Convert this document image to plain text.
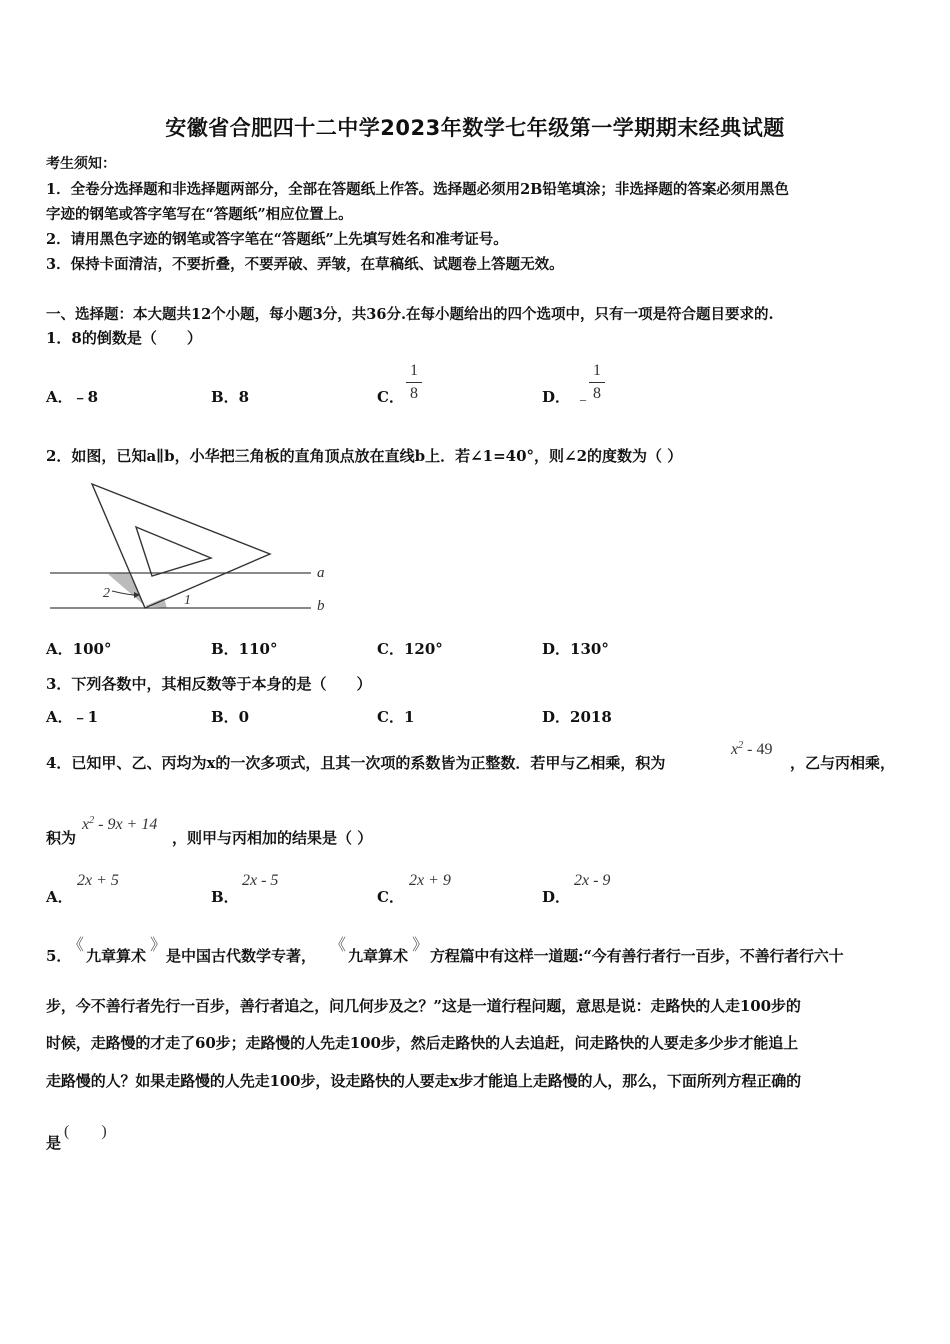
安徽省合肥四十二中学2023年数学七年级第一学期期末经典试题
考生须知：
1．全卷分选择题和非选择题两部分，全部在答题纸上作答。选择题必须用2B铅笔填涂；非选择题的答案必须用黑色
字迹的钢笔或答字笔写在“答题纸”相应位置上。
2．请用黑色字迹的钢笔或答字笔在“答题纸”上先填写姓名和准考证号。
3．保持卡面清洁，不要折叠，不要弄破、弄皱，在草稿纸、试题卷上答题无效。
一、选择题：本大题共12个小题，每小题3分，共36分.在每小题给出的四个选项中，只有一项是符合题目要求的.
1．8的倒数是（　　）
A．﹣8	B．8	C．
1
8	D． ﹣
1
8
2．如图，已知a∥b，小华把三角板的直角顶点放在直线b上．若∠1=40°，则∠2的度数为（ ）
2	1
a
b
A．100°	B．110°	C．120°	D．130°
3．下列各数中，其相反数等于本身的是（　　）
A．﹣1	B．0	C．1	D．2018
4．已知甲、乙、丙均为x的一次多项式，且其一次项的系数皆为正整数．若甲与乙相乘，积为
$x^2 - 49$
，乙与丙相乘，
积为
$x^2 - 9x + 14$
，则甲与丙相加的结果是（ ）
A．
2x + 5
B．
2x - 5
C．
2x + 9
D．
2x - 9
5．
《
九章算术
》
是中国古代数学专著，
《
九章算术
》
方程篇中有这样一道题:“今有善行者行一百步，不善行者行六十
步，今不善行者先行一百步，善行者追之，问几何步及之？”这是一道行程问题，意思是说：走路快的人走100步的
时候，走路慢的才走了60步；走路慢的人先走100步，然后走路快的人去追赶，问走路快的人要走多少步才能追上
走路慢的人？如果走路慢的人先走100步，设走路快的人要走x步才能追上走路慢的人，那么，下面所列方程正确的
是
(　　)
